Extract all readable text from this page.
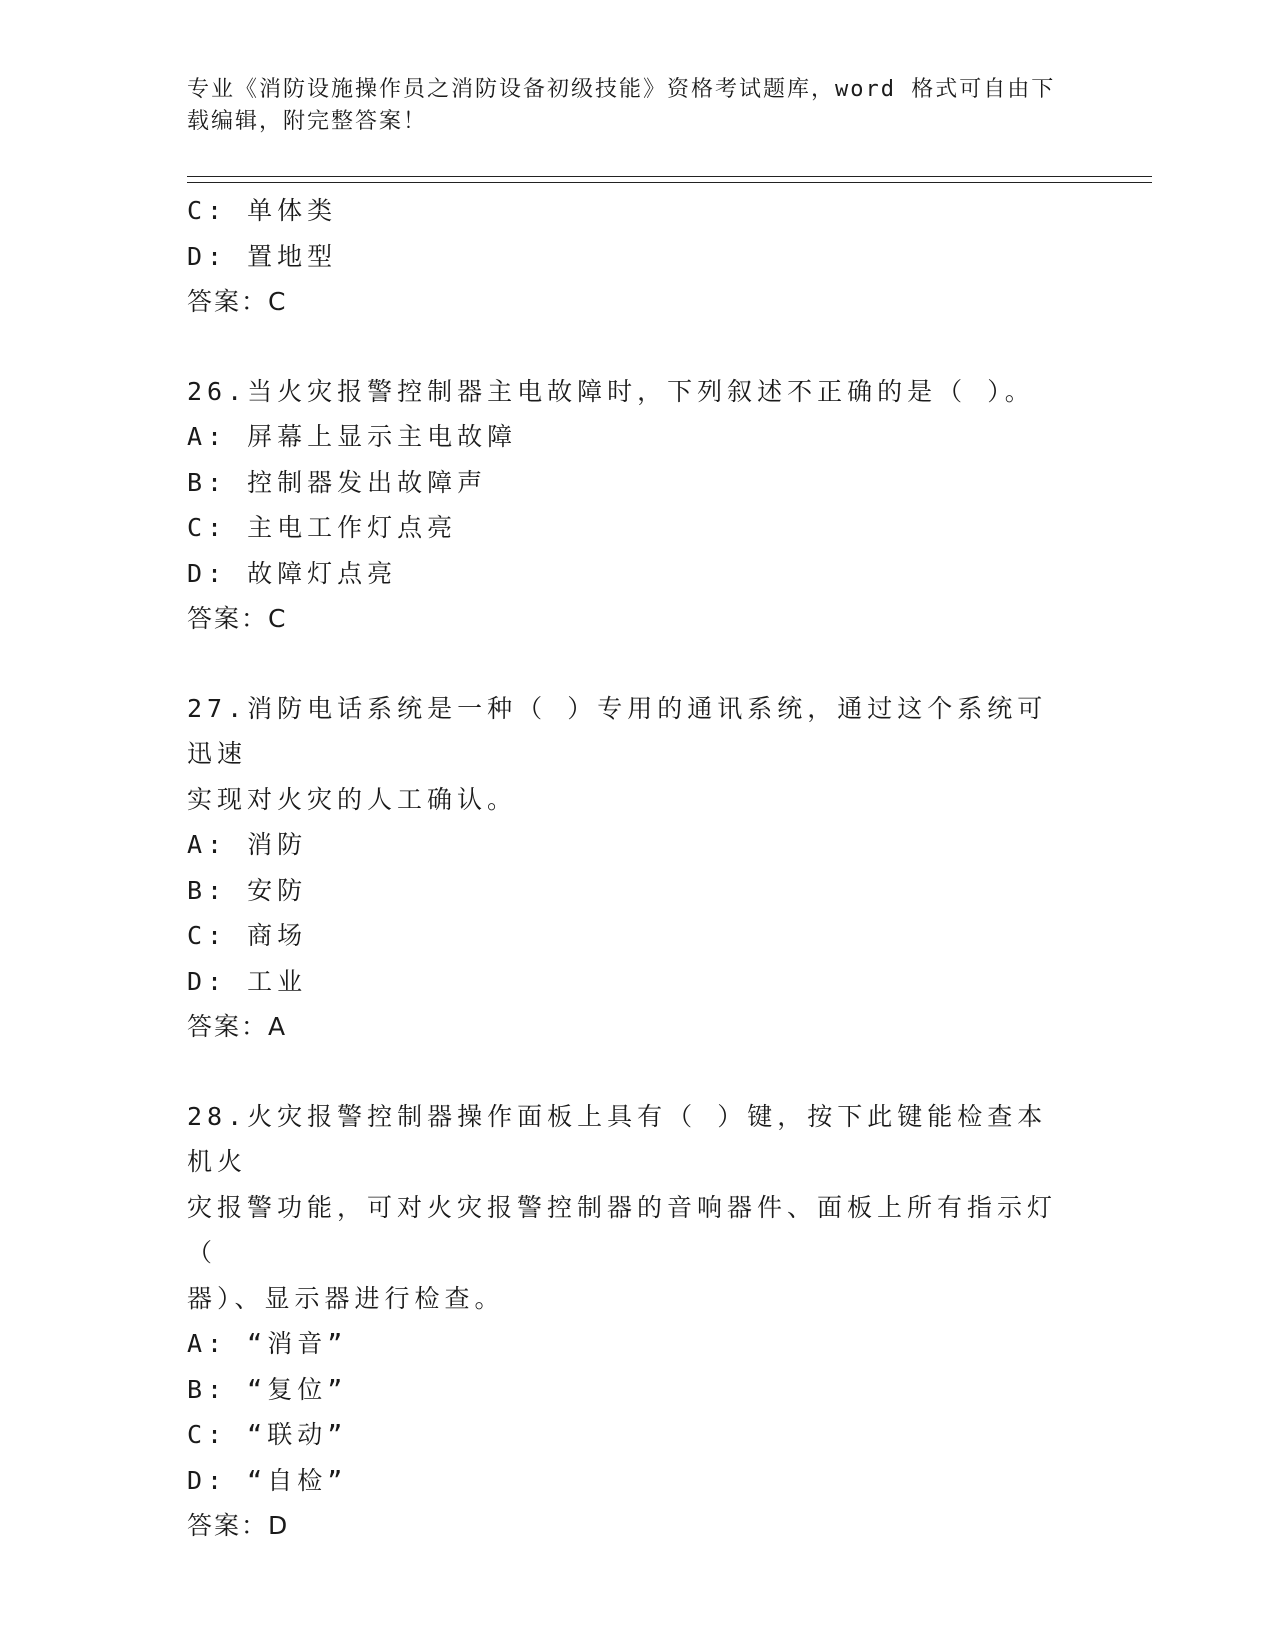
专业《消防设施操作员之消防设备初级技能》资格考试题库，word 格式可自由下
载编辑，附完整答案！
C: 单体类
D: 置地型
答案：C
26.当火灾报警控制器主电故障时，下列叙述不正确的是（ ）。
A: 屏幕上显示主电故障
B: 控制器发出故障声
C: 主电工作灯点亮
D: 故障灯点亮
答案：C
27.消防电话系统是一种（ ）专用的通讯系统，通过这个系统可迅速
实现对火灾的人工确认。
A: 消防
B: 安防
C: 商场
D: 工业
答案：A
28.火灾报警控制器操作面板上具有（ ）键，按下此键能检查本机火
灾报警功能，可对火灾报警控制器的音响器件、面板上所有指示灯（
器）、显示器进行检查。
A: “消音”
B: “复位”
C: “联动”
D: “自检”
答案：D
